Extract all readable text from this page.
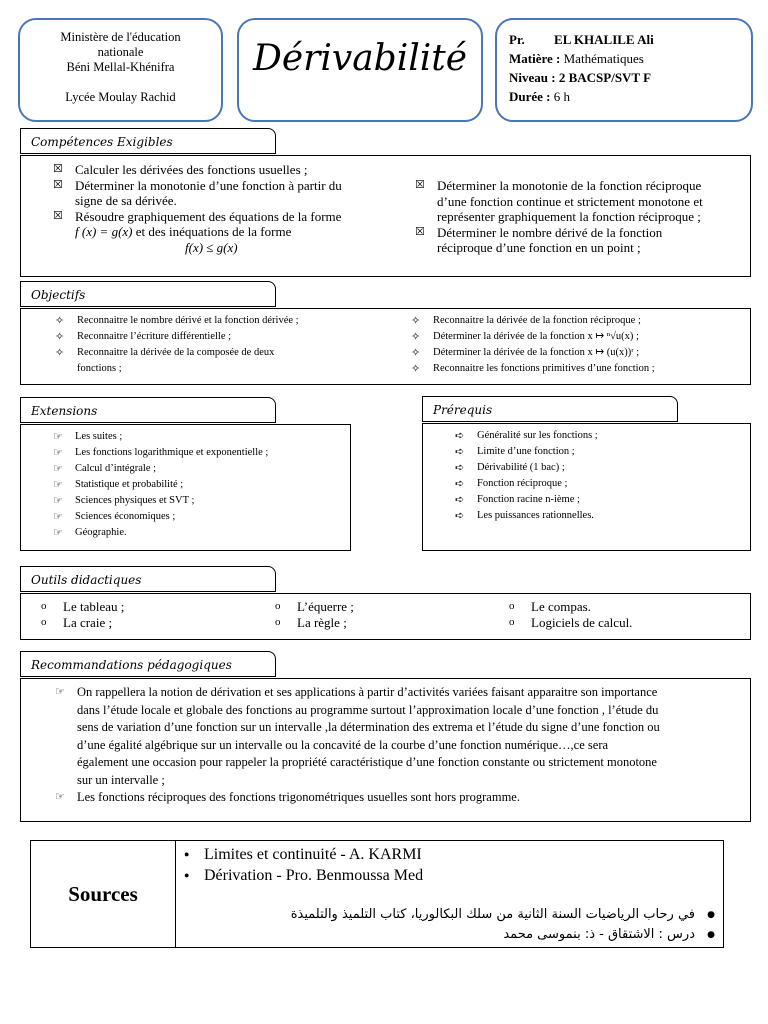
Ministère de l'éducation
nationale
Béni Mellal-Khénifra
Lycée Moulay Rachid
Dérivabilité	Pr. EL KHALILE Ali
Matière : Mathématiques
Niveau : 2 BACSP/SVT F
Durée : 6 h
Compétences Exigibles
☒ Calculer les dérivées des fonctions usuelles ;
☒ Déterminer la monotonie d’une fonction à partir du
signe de sa dérivée.
☒ Résoudre graphiquement des équations de la forme
f (x) = g(x) et des inéquations de la forme
f(x) ≤ g(x)
☒ Déterminer la monotonie de la fonction réciproque
d’une fonction continue et strictement monotone et
représenter graphiquement la fonction réciproque ;
☒ Déterminer le nombre dérivé de la fonction
réciproque d’une fonction en un point ;
Objectifs
✧	Reconnaitre le nombre dérivé et la fonction dérivée ;
✧	Reconnaitre l’écriture différentielle ;
✧	Reconnaitre la dérivée de la composée de deux
fonctions ;
✧	Reconnaitre la dérivée de la fonction réciproque ;
✧	Déterminer la dérivée de la fonction x ↦ ⁿ√u(x) ;
✧	Déterminer la dérivée de la fonction x ↦ (u(x))ʳ ;
✧	Reconnaitre les fonctions primitives d’une fonction ;
Extensions
☞	Les suites ;
☞	Les fonctions logarithmique et exponentielle ;
☞	Calcul d’intégrale ;
☞	Statistique et probabilité ;
☞	Sciences physiques et SVT ;
☞	Sciences économiques ;
☞	Géographie.
Prérequis
➪	Généralité sur les fonctions ;
➪	Limite d’une fonction ;
➪	Dérivabilité (1 bac) ;
➪	Fonction réciproque ;
➪	Fonction racine n-ième ;
➪	Les puissances rationnelles.
Outils didactiques
o	Le tableau ;
o	La craie ;
o	L’équerre ;
o	La règle ;
o	Le compas.
o	Logiciels de calcul.
Recommandations pédagogiques
☞ On rappellera la notion de dérivation et ses applications à partir d’activités variées faisant apparaitre son importance
dans l’étude locale et globale des fonctions au programme surtout l’approximation locale d’une fonction , l’étude du
sens de variation d’une fonction sur un intervalle ,la détermination des extrema et l’étude du signe d’une fonction ou
d’une égalité algébrique sur un intervalle ou la concavité de la courbe d’une fonction numérique…,ce sera
également une occasion pour rappeler la propriété caractéristique d’une fonction constante ou strictement monotone
sur un intervalle ;
☞ Les fonctions réciproques des fonctions trigonométriques usuelles sont hors programme.
Sources
● Limites et continuité - A. KARMI
● Dérivation - Pro. Benmoussa Med
●
في رحاب الرياضيات السنة الثانية من سلك البكالوريا، كتاب التلميذ والتلميذة
●
درس : الاشتقاق - ذ: بنموسى محمد
